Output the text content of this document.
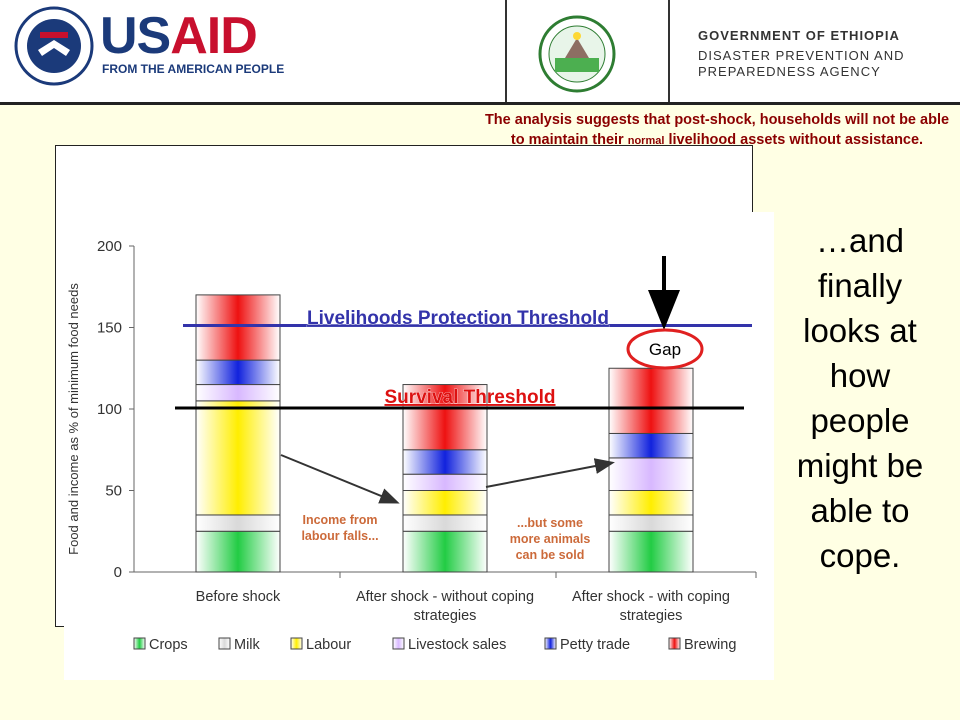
USAID
FROM THE AMERICAN PEOPLE
GOVERNMENT OF ETHIOPIA
DISASTER PREVENTION AND
PREPAREDNESS AGENCY
The analysis suggests that post-shock, households will not be able to maintain their normal livelihood assets without assistance.
0
50
100
150
200
Food and income as % of minimum food needs
Before shock	After shock - without coping
strategies
After shock - with coping
strategies
Livelihoods Protection Threshold
Survival Threshold
Income from
labour falls...
...but some
more animals
can be sold
Gap
Crops	Milk	Labour	Livestock sales	Petty trade	Brewing
…and finally looks at how people might be able to cope.
